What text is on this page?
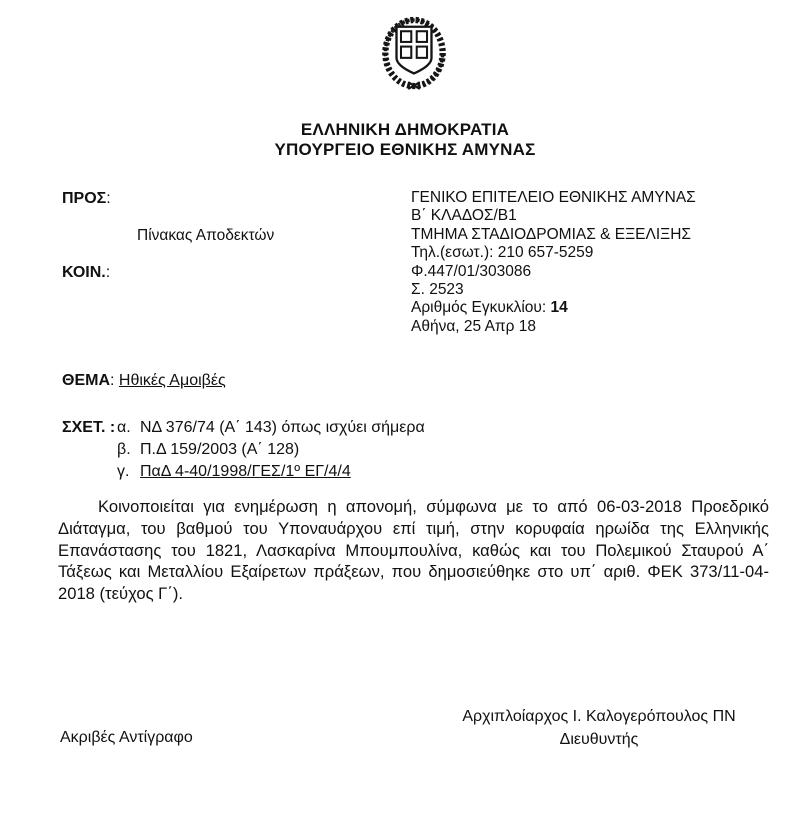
ΕΛΛΗΝΙΚΗ ΔΗΜΟΚΡΑΤΙΑ
ΥΠΟΥΡΓΕΙΟ ΕΘΝΙΚΗΣ ΑΜΥΝΑΣ
ΠΡΟΣ:
Πίνακας Αποδεκτών
ΚΟΙΝ.:
ΓΕΝΙΚΟ ΕΠΙΤΕΛΕΙΟ ΕΘΝΙΚΗΣ ΑΜΥΝΑΣ
Β΄ ΚΛΑΔΟΣ/Β1
ΤΜΗΜΑ ΣΤΑΔΙΟΔΡΟΜΙΑΣ & ΕΞΕΛΙΞΗΣ
Τηλ.(εσωτ.): 210 657-5259
Φ.447/01/303086
Σ. 2523
Αριθμός Εγκυκλίου: 14
Αθήνα, 25 Απρ 18
ΘΕΜΑ: Ηθικές Αμοιβές
ΣΧΕΤ. : α. ΝΔ 376/74 (Α΄ 143) όπως ισχύει σήμερα
β. Π.Δ 159/2003 (Α΄ 128)
γ. ΠαΔ 4-40/1998/ΓΕΣ/1º ΕΓ/4/4
Κοινοποιείται για ενημέρωση η απονομή, σύμφωνα με το από 06-03-2018 Προεδρικό Διάταγμα, του βαθμού του Υποναυάρχου επί τιμή, στην κορυφαία ηρωίδα της Ελληνικής Επανάστασης του 1821, Λασκαρίνα Μπουμπουλίνα, καθώς και του Πολεμικού Σταυρού Α΄ Τάξεως και Μεταλλίου Εξαίρετων πράξεων, που δημοσιεύθηκε στο υπ΄ αριθ. ΦΕΚ 373/11-04-2018 (τεύχος Γ΄).
Ακριβές Αντίγραφο
Αρχιπλοίαρχος Ι. Καλογερόπουλος ΠΝ
Διευθυντής
